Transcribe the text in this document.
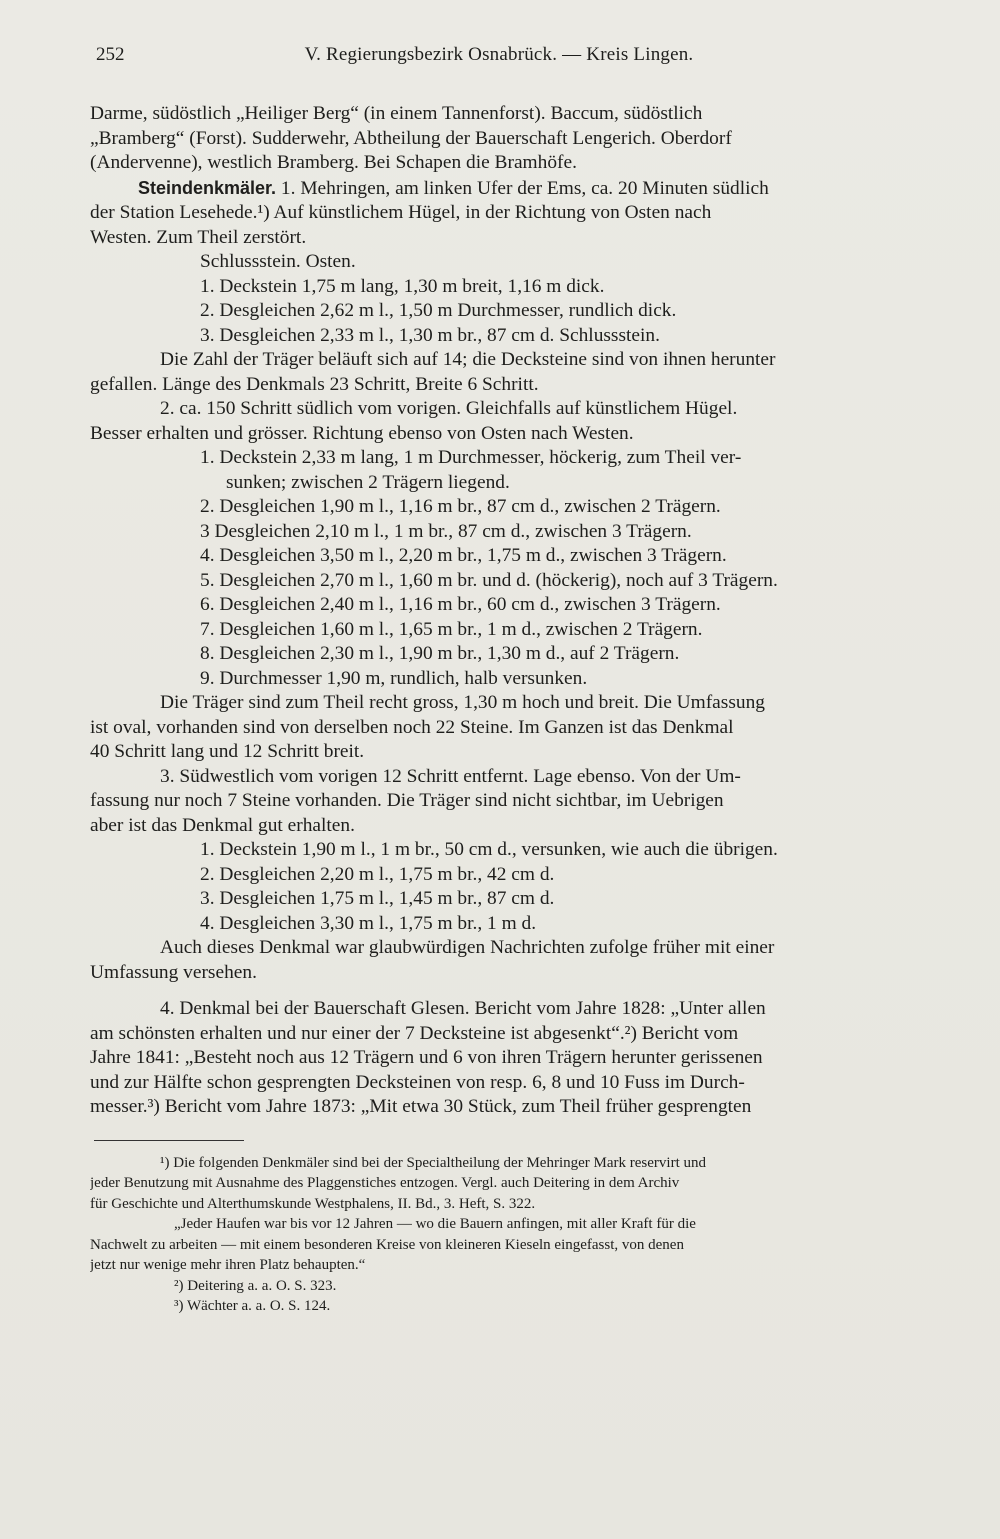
252	V. Regierungsbezirk Osnabrück. — Kreis Lingen.
Darme, südöstlich „Heiliger Berg“ (in einem Tannenforst). Baccum, südöstlich
„Bramberg“ (Forst). Sudderwehr, Abtheilung der Bauerschaft Lengerich. Oberdorf
(Andervenne), westlich Bramberg. Bei Schapen die Bramhöfe.
Steindenkmäler. 1. Mehringen, am linken Ufer der Ems, ca. 20 Minuten südlich
der Station Lesehede.¹) Auf künstlichem Hügel, in der Richtung von Osten nach
Westen. Zum Theil zerstört.
Schlussstein. Osten.
1. Deckstein 1,75 m lang, 1,30 m breit, 1,16 m dick.
2. Desgleichen 2,62 m l., 1,50 m Durchmesser, rundlich dick.
3. Desgleichen 2,33 m l., 1,30 m br., 87 cm d. Schlussstein.
Die Zahl der Träger beläuft sich auf 14; die Decksteine sind von ihnen herunter
gefallen. Länge des Denkmals 23 Schritt, Breite 6 Schritt.
2. ca. 150 Schritt südlich vom vorigen. Gleichfalls auf künstlichem Hügel.
Besser erhalten und grösser. Richtung ebenso von Osten nach Westen.
1. Deckstein 2,33 m lang, 1 m Durchmesser, höckerig, zum Theil ver-
sunken; zwischen 2 Trägern liegend.
2. Desgleichen 1,90 m l., 1,16 m br., 87 cm d., zwischen 2 Trägern.
3 Desgleichen 2,10 m l., 1 m br., 87 cm d., zwischen 3 Trägern.
4. Desgleichen 3,50 m l., 2,20 m br., 1,75 m d., zwischen 3 Trägern.
5. Desgleichen 2,70 m l., 1,60 m br. und d. (höckerig), noch auf 3 Trägern.
6. Desgleichen 2,40 m l., 1,16 m br., 60 cm d., zwischen 3 Trägern.
7. Desgleichen 1,60 m l., 1,65 m br., 1 m d., zwischen 2 Trägern.
8. Desgleichen 2,30 m l., 1,90 m br., 1,30 m d., auf 2 Trägern.
9. Durchmesser 1,90 m, rundlich, halb versunken.
Die Träger sind zum Theil recht gross, 1,30 m hoch und breit. Die Umfassung
ist oval, vorhanden sind von derselben noch 22 Steine. Im Ganzen ist das Denkmal
40 Schritt lang und 12 Schritt breit.
3. Südwestlich vom vorigen 12 Schritt entfernt. Lage ebenso. Von der Um-
fassung nur noch 7 Steine vorhanden. Die Träger sind nicht sichtbar, im Uebrigen
aber ist das Denkmal gut erhalten.
1. Deckstein 1,90 m l., 1 m br., 50 cm d., versunken, wie auch die übrigen.
2. Desgleichen 2,20 m l., 1,75 m br., 42 cm d.
3. Desgleichen 1,75 m l., 1,45 m br., 87 cm d.
4. Desgleichen 3,30 m l., 1,75 m br., 1 m d.
Auch dieses Denkmal war glaubwürdigen Nachrichten zufolge früher mit einer
Umfassung versehen.
4. Denkmal bei der Bauerschaft Glesen. Bericht vom Jahre 1828: „Unter allen
am schönsten erhalten und nur einer der 7 Decksteine ist abgesenkt“.²) Bericht vom
Jahre 1841: „Besteht noch aus 12 Trägern und 6 von ihren Trägern herunter gerissenen
und zur Hälfte schon gesprengten Decksteinen von resp. 6, 8 und 10 Fuss im Durch-
messer.³) Bericht vom Jahre 1873: „Mit etwa 30 Stück, zum Theil früher gesprengten
¹) Die folgenden Denkmäler sind bei der Specialtheilung der Mehringer Mark reservirt und
jeder Benutzung mit Ausnahme des Plaggenstiches entzogen. Vergl. auch Deitering in dem Archiv
für Geschichte und Alterthumskunde Westphalens, II. Bd., 3. Heft, S. 322.
„Jeder Haufen war bis vor 12 Jahren — wo die Bauern anfingen, mit aller Kraft für die
Nachwelt zu arbeiten — mit einem besonderen Kreise von kleineren Kieseln eingefasst, von denen
jetzt nur wenige mehr ihren Platz behaupten.“
²) Deitering a. a. O. S. 323.
³) Wächter a. a. O. S. 124.
